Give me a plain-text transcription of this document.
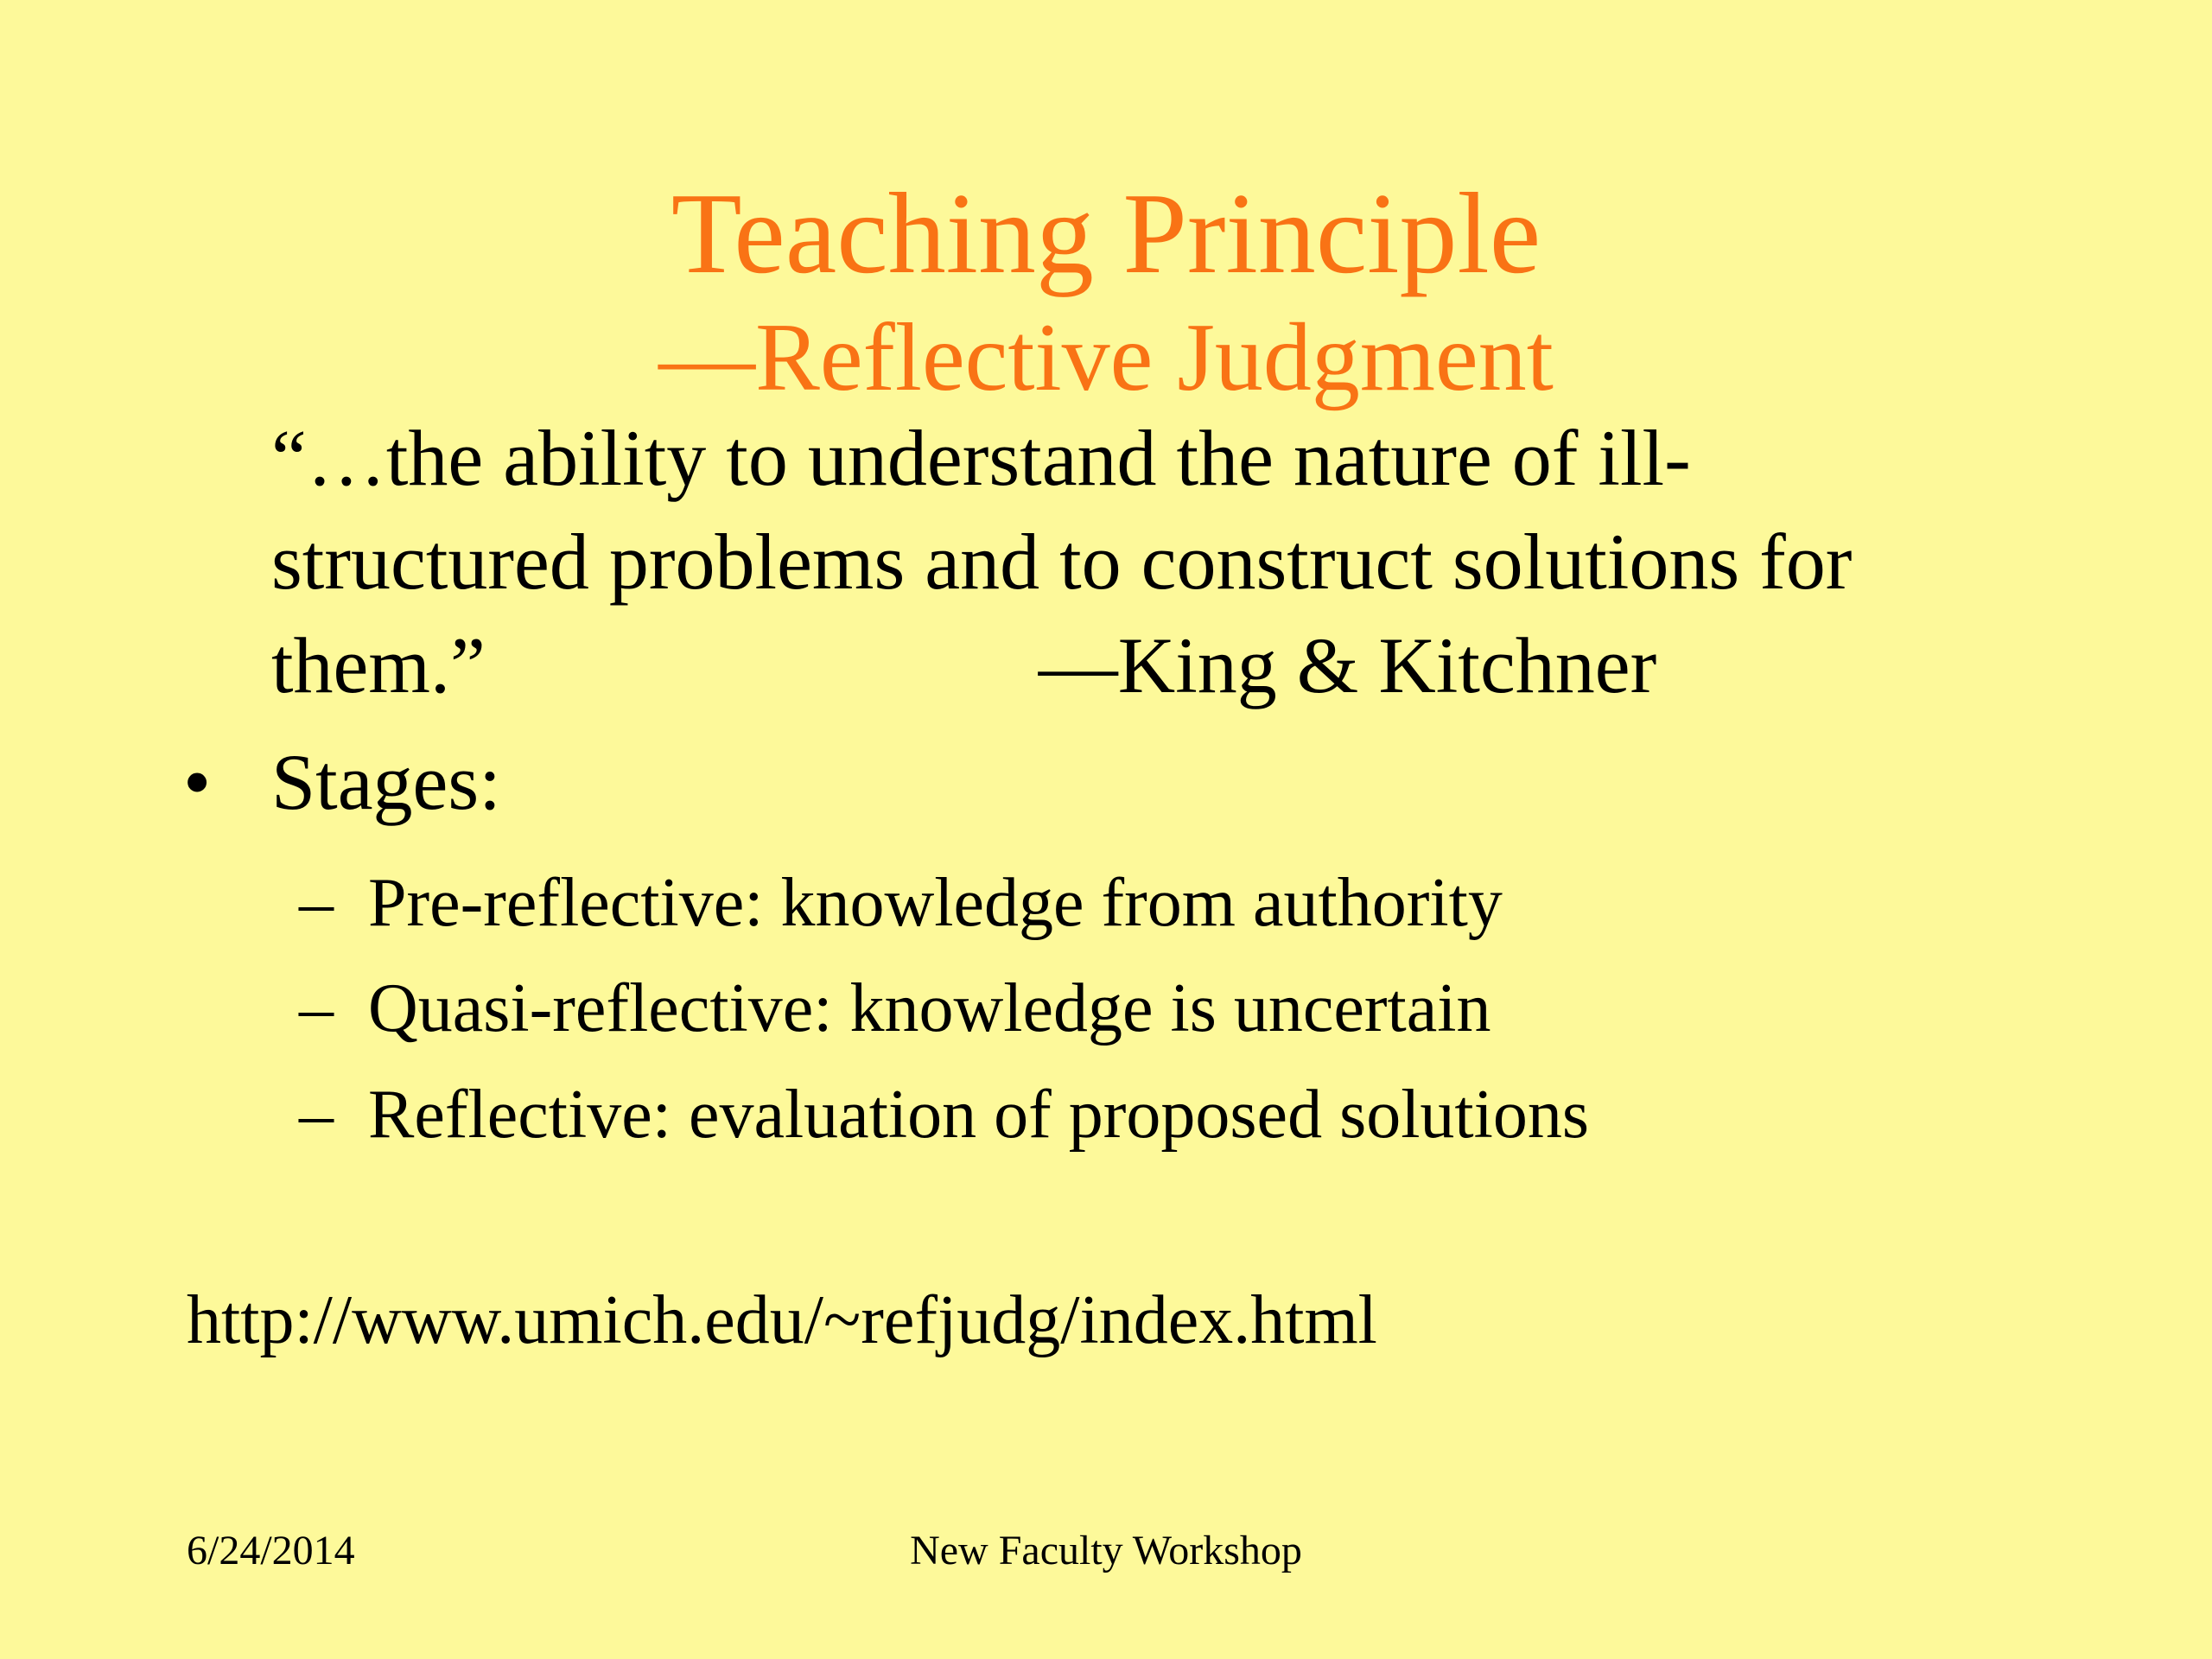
Teaching Principle
—Reflective Judgment
“…the ability to understand the nature of ill-
structured problems and to construct solutions for
them.”	—King & Kitchner
• Stages:
– Pre-reflective: knowledge from authority
– Quasi-reflective: knowledge is uncertain
– Reflective: evaluation of proposed solutions
http://www.umich.edu/~refjudg/index.html
6/24/2014	New Faculty Workshop
